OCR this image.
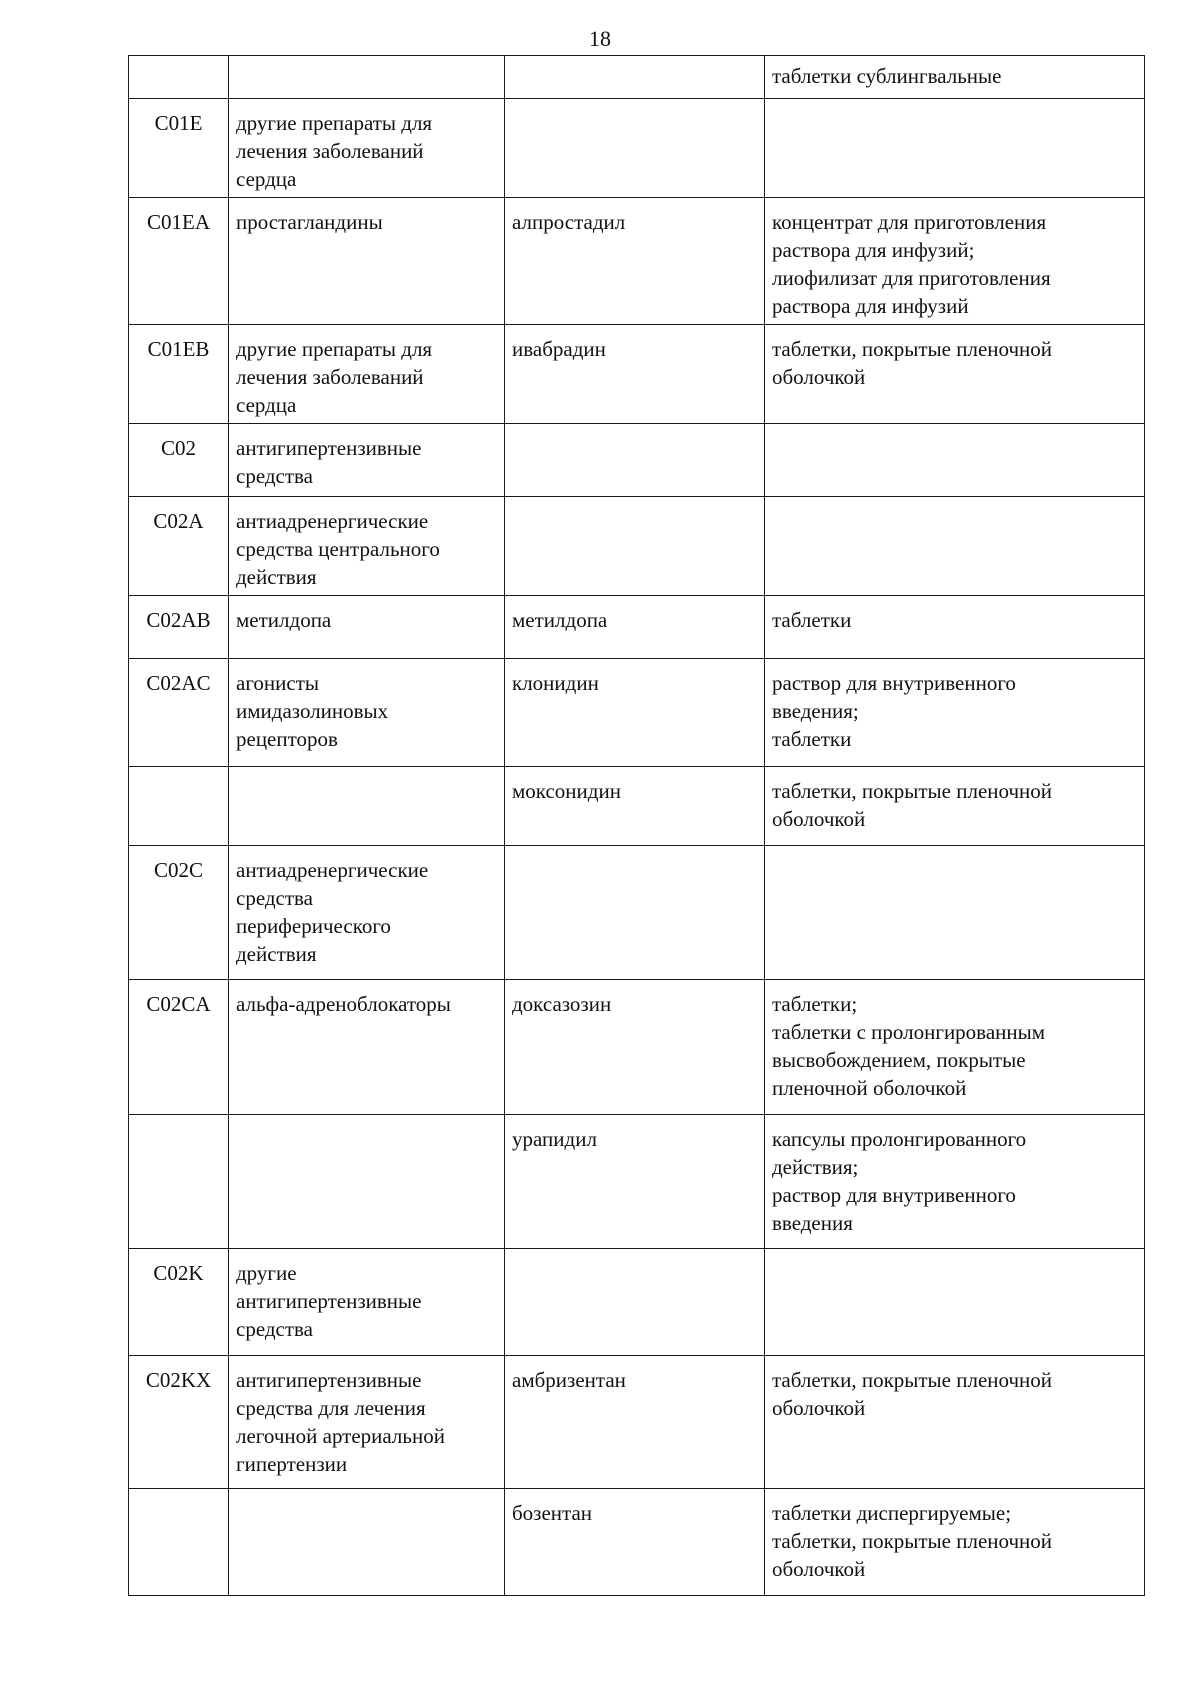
18
			таблетки сублингвальные
C01E	другие препараты для
лечения заболеваний
сердца		
C01EA	простагландины	алпростадил	концентрат для приготовления
раствора для инфузий;
лиофилизат для приготовления
раствора для инфузий
C01EB	другие препараты для
лечения заболеваний
сердца	ивабрадин	таблетки, покрытые пленочной
оболочкой
C02	антигипертензивные
средства		
C02A	антиадренергические
средства центрального
действия		
C02AB	метилдопа	метилдопа	таблетки
C02AC	агонисты
имидазолиновых
рецепторов	клонидин	раствор для внутривенного
введения;
таблетки
		моксонидин	таблетки, покрытые пленочной
оболочкой
C02C	антиадренергические
средства
периферического
действия		
C02CA	альфа-адреноблокаторы	доксазозин	таблетки;
таблетки с пролонгированным
высвобождением, покрытые
пленочной оболочкой
		урапидил	капсулы пролонгированного
действия;
раствор для внутривенного
введения
C02K	другие
антигипертензивные
средства		
C02KX	антигипертензивные
средства для лечения
легочной артериальной
гипертензии	амбризентан	таблетки, покрытые пленочной
оболочкой
		бозентан	таблетки диспергируемые;
таблетки, покрытые пленочной
оболочкой
